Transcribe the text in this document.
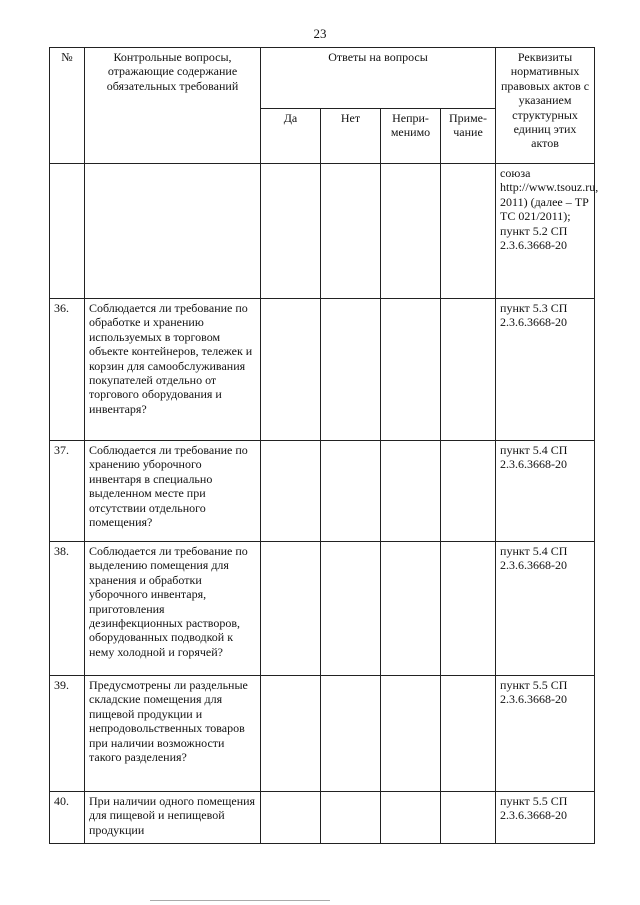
23
№	Контрольные вопросы, отражающие содержание обязательных требований	Ответы на вопросы				Реквизиты нормативных правовых актов с указанием структурных единиц этих актов
		Да	Нет	Непри-менимо	Приме-чание	
						союза http://www.tsouz.ru, 2011) (далее – ТР ТС 021/2011); пункт 5.2 СП 2.3.6.3668-20
36.	Соблюдается ли требование по обработке и хранению используемых в торговом объекте контейнеров, тележек и корзин для самообслуживания покупателей отдельно от торгового оборудования и инвентаря?					пункт 5.3 СП 2.3.6.3668-20
37.	Соблюдается ли требование по хранению уборочного инвентаря в специально выделенном месте при отсутствии отдельного помещения?					пункт 5.4 СП 2.3.6.3668-20
38.	Соблюдается ли требование по выделению помещения для хранения и обработки уборочного инвентаря, приготовления дезинфекционных растворов, оборудованных подводкой к нему холодной и горячей?					пункт 5.4 СП 2.3.6.3668-20
39.	Предусмотрены ли раздельные складские помещения для пищевой продукции и непродовольственных товаров при наличии возможности такого разделения?					пункт 5.5 СП 2.3.6.3668-20
40.	При наличии одного помещения для пищевой и непищевой продукции					пункт 5.5 СП 2.3.6.3668-20
